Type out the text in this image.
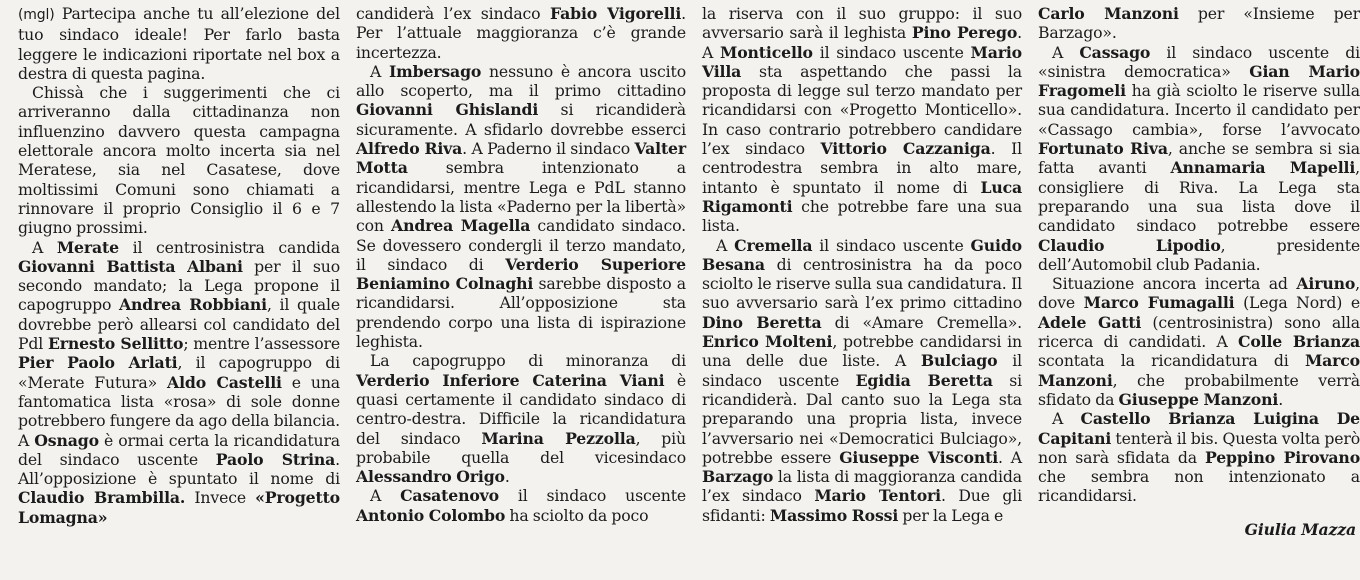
(mgl) Partecipa anche tu all’elezione del tuo sindaco ideale! Per farlo basta leggere le indicazioni riportate nel box a destra di questa pagina.

Chissà che i suggerimenti che ci arriveranno dalla cittadinanza non influenzino davvero questa campagna elettorale ancora molto incerta sia nel Meratese, sia nel Casatese, dove moltissimi Comuni sono chiamati a rinnovare il proprio Consiglio il 6 e 7 giugno prossimi.

A Merate il centrosinistra candida Giovanni Battista Albani per il suo secondo mandato; la Lega propone il capogruppo Andrea Robbiani, il quale dovrebbe però allearsi col candidato del Pdl Ernesto Sellitto; mentre l’assessore Pier Paolo Arlati, il capogruppo di «Merate Futura» Aldo Castelli e una fantomatica lista «rosa» di sole donne potrebbero fungere da ago della bilancia. A Osnago è ormai certa la ricandidatura del sindaco uscente Paolo Strina. All’opposizione è spuntato il nome di Claudio Brambilla. Invece «Progetto Lomagna»

candiderà l’ex sindaco Fabio Vigorelli. Per l’attuale maggioranza c’è grande incertezza.

A Imbersago nessuno è ancora uscito allo scoperto, ma il primo cittadino Giovanni Ghislandi si ricandiderà sicuramente. A sfidarlo dovrebbe esserci Alfredo Riva. A Paderno il sindaco Valter Motta sembra intenzionato a ricandidarsi, mentre Lega e PdL stanno allestendo la lista «Paderno per la libertà» con Andrea Magella candidato sindaco. Se dovessero condergli il terzo mandato, il sindaco di Verderio Superiore Beniamino Colnaghi sarebbe disposto a ricandidarsi. All’opposizione sta prendendo corpo una lista di ispirazione leghista.

La capogruppo di minoranza di Verderio Inferiore Caterina Viani è quasi certamente il candidato sindaco di centro-destra. Difficile la ricandidatura del sindaco Marina Pezzolla, più probabile quella del vicesindaco Alessandro Origo.

A Casatenovo il sindaco uscente Antonio Colombo ha sciolto da poco

la riserva con il suo gruppo: il suo avversario sarà il leghista Pino Perego. A Monticello il sindaco uscente Mario Villa sta aspettando che passi la proposta di legge sul terzo mandato per ricandidarsi con «Progetto Monticello». In caso contrario potrebbero candidare l’ex sindaco Vittorio Cazzaniga. Il centrodestra sembra in alto mare, intanto è spuntato il nome di Luca Rigamonti che potrebbe fare una sua lista.

A Cremella il sindaco uscente Guido Besana di centrosinistra ha da poco sciolto le riserve sulla sua candidatura. Il suo avversario sarà l’ex primo cittadino Dino Beretta di «Amare Cremella». Enrico Molteni, potrebbe candidarsi in una delle due liste. A Bulciago il sindaco uscente Egidia Beretta si ricandiderà. Dal canto suo la Lega sta preparando una propria lista, invece l’avversario nei «Democratici Bulciago», potrebbe essere Giuseppe Visconti. A Barzago la lista di maggioranza candida l’ex sindaco Mario Tentori. Due gli sfidanti: Massimo Rossi per la Lega e

Carlo Manzoni per «Insieme per Barzago».

A Cassago il sindaco uscente di «sinistra democratica» Gian Mario Fragomeli ha già sciolto le riserve sulla sua candidatura. Incerto il candidato per «Cassago cambia», forse l’avvocato Fortunato Riva, anche se sembra si sia fatta avanti Annamaria Mapelli, consigliere di Riva. La Lega sta preparando una sua lista dove il candidato sindaco potrebbe essere Claudio Lipodio, presidente dell’Automobil club Padania.

Situazione ancora incerta ad Airuno, dove Marco Fumagalli (Lega Nord) e Adele Gatti (centrosinistra) sono alla ricerca di candidati. A Colle Brianza scontata la ricandidatura di Marco Manzoni, che probabilmente verrà sfidato da Giuseppe Manzoni.

A Castello Brianza Luigina De Capitani tenterà il bis. Questa volta però non sarà sfidata da Peppino Pirovano che sembra non intenzionato a ricandidarsi.

Giulia Mazza
